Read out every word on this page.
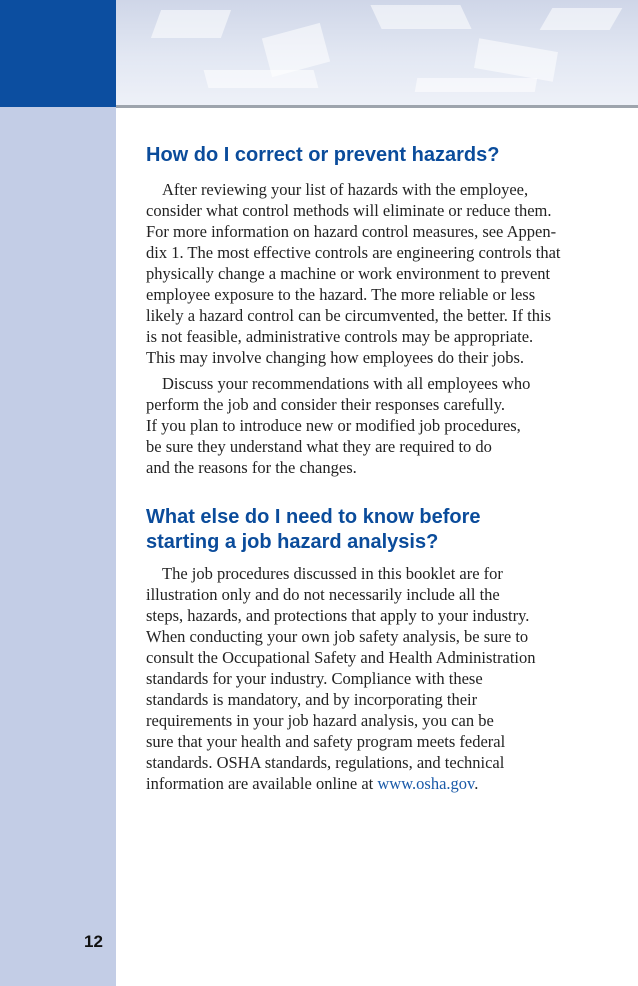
How do I correct or prevent hazards?

After reviewing your list of hazards with the employee,
consider what control methods will eliminate or reduce them.
For more information on hazard control measures, see Appen-
dix 1. The most effective controls are engineering controls that
physically change a machine or work environment to prevent
employee exposure to the hazard. The more reliable or less
likely a hazard control can be circumvented, the better. If this
is not feasible, administrative controls may be appropriate.
This may involve changing how employees do their jobs.

Discuss your recommendations with all employees who
perform the job and consider their responses carefully.
If you plan to introduce new or modified job procedures,
be sure they understand what they are required to do
and the reasons for the changes.

What else do I need to know before
starting a job hazard analysis?

The job procedures discussed in this booklet are for
illustration only and do not necessarily include all the
steps, hazards, and protections that apply to your industry.
When conducting your own job safety analysis, be sure to
consult the Occupational Safety and Health Administration
standards for your industry. Compliance with these
standards is mandatory, and by incorporating their
requirements in your job hazard analysis, you can be
sure that your health and safety program meets federal
standards. OSHA standards, regulations, and technical
information are available online at www.osha.gov.

12
